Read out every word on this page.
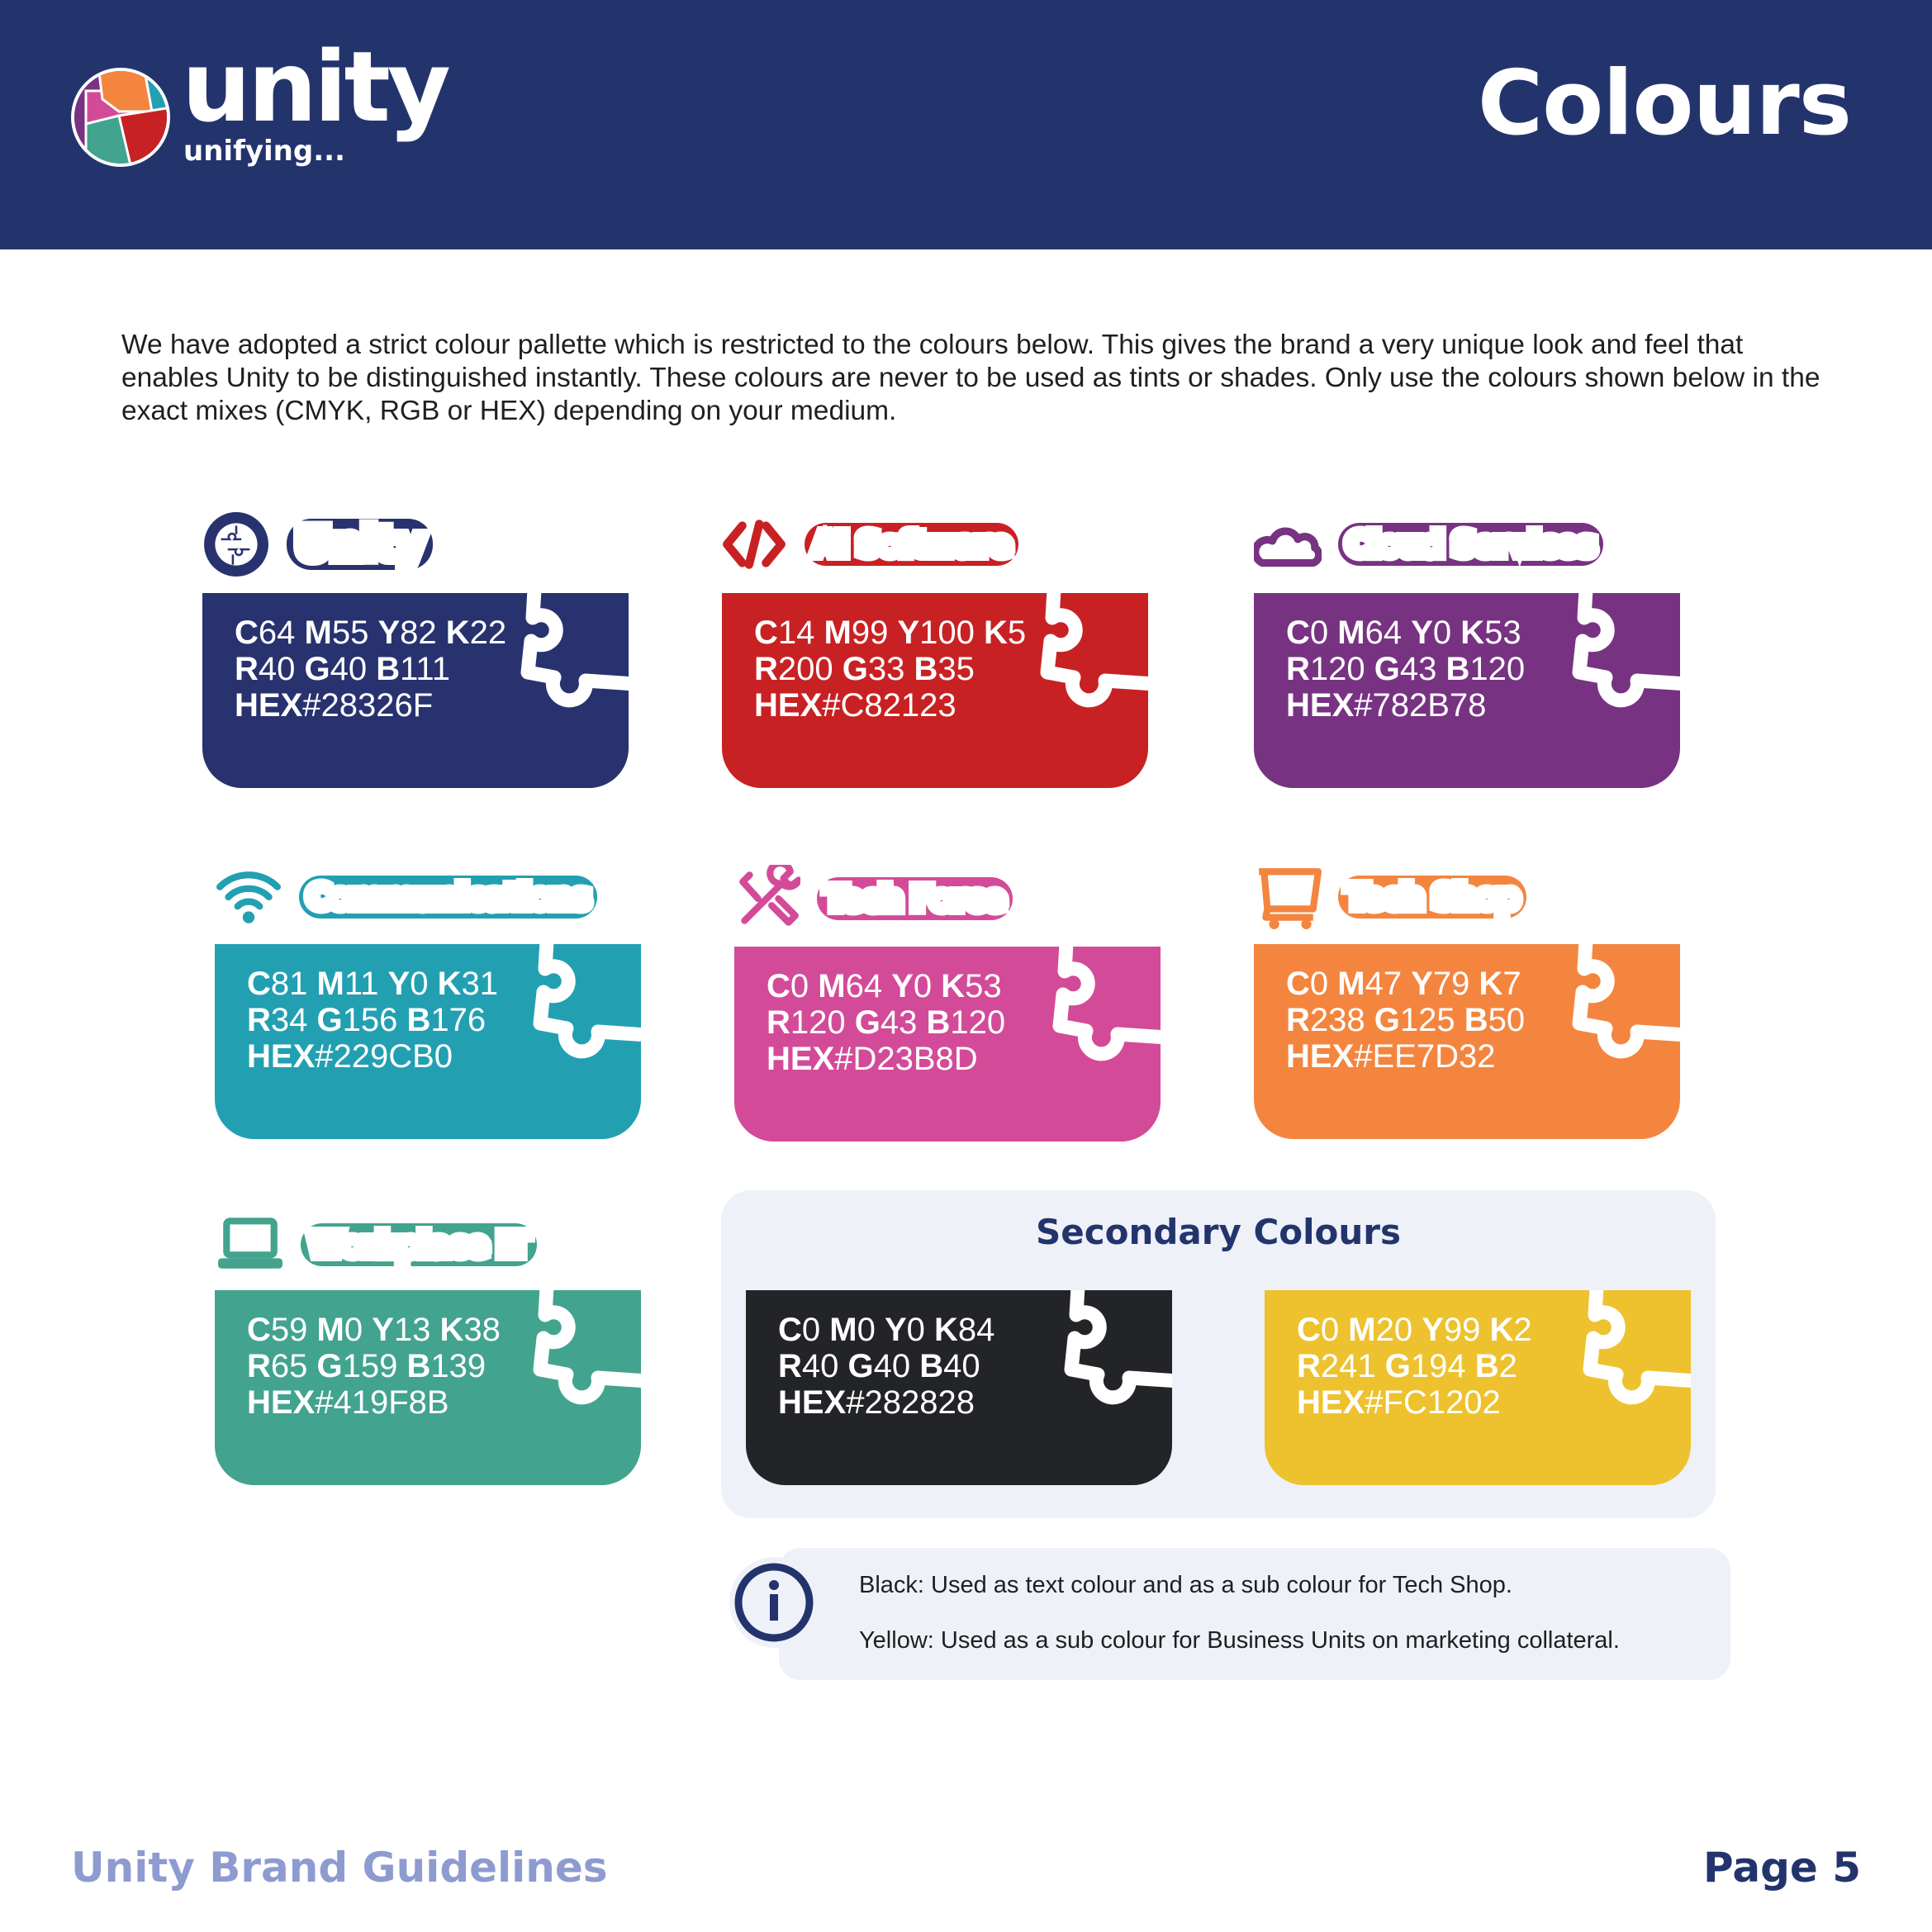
unity
unifying...	Colours

We have adopted a strict colour pallette which is restricted to the colours below. This gives the brand a very unique look and feel that enables Unity to be distinguished instantly. These colours are never to be used as tints or shades. Only use the colours shown below in the exact mixes (CMYK, RGB or HEX) depending on your medium.

Unity	AI Software	Cloud Services
Communications	Tech Force	Tech Shop
Workplace IT
C64 M55 Y82 K22
R40 G40 B111
HEX#28326F
C14 M99 Y100 K5
R200 G33 B35
HEX#C82123
C0 M64 Y0 K53
R120 G43 B120
HEX#782B78
C81 M11 Y0 K31
R34 G156 B176
HEX#229CB0
C0 M64 Y0 K53
R120 G43 B120
HEX#D23B8D
C0 M47 Y79 K7
R238 G125 B50
HEX#EE7D32
C59 M0 Y13 K38
R65 G159 B139
HEX#419F8B
Secondary Colours
C0 M0 Y0 K84
R40 G40 B40
HEX#282828
C0 M20 Y99 K2
R241 G194 B2
HEX#FC1202
Black: Used as text colour and as a sub colour for Tech Shop.
Yellow: Used as a sub colour for Business Units on marketing collateral.
Unity Brand Guidelines	Page 5
